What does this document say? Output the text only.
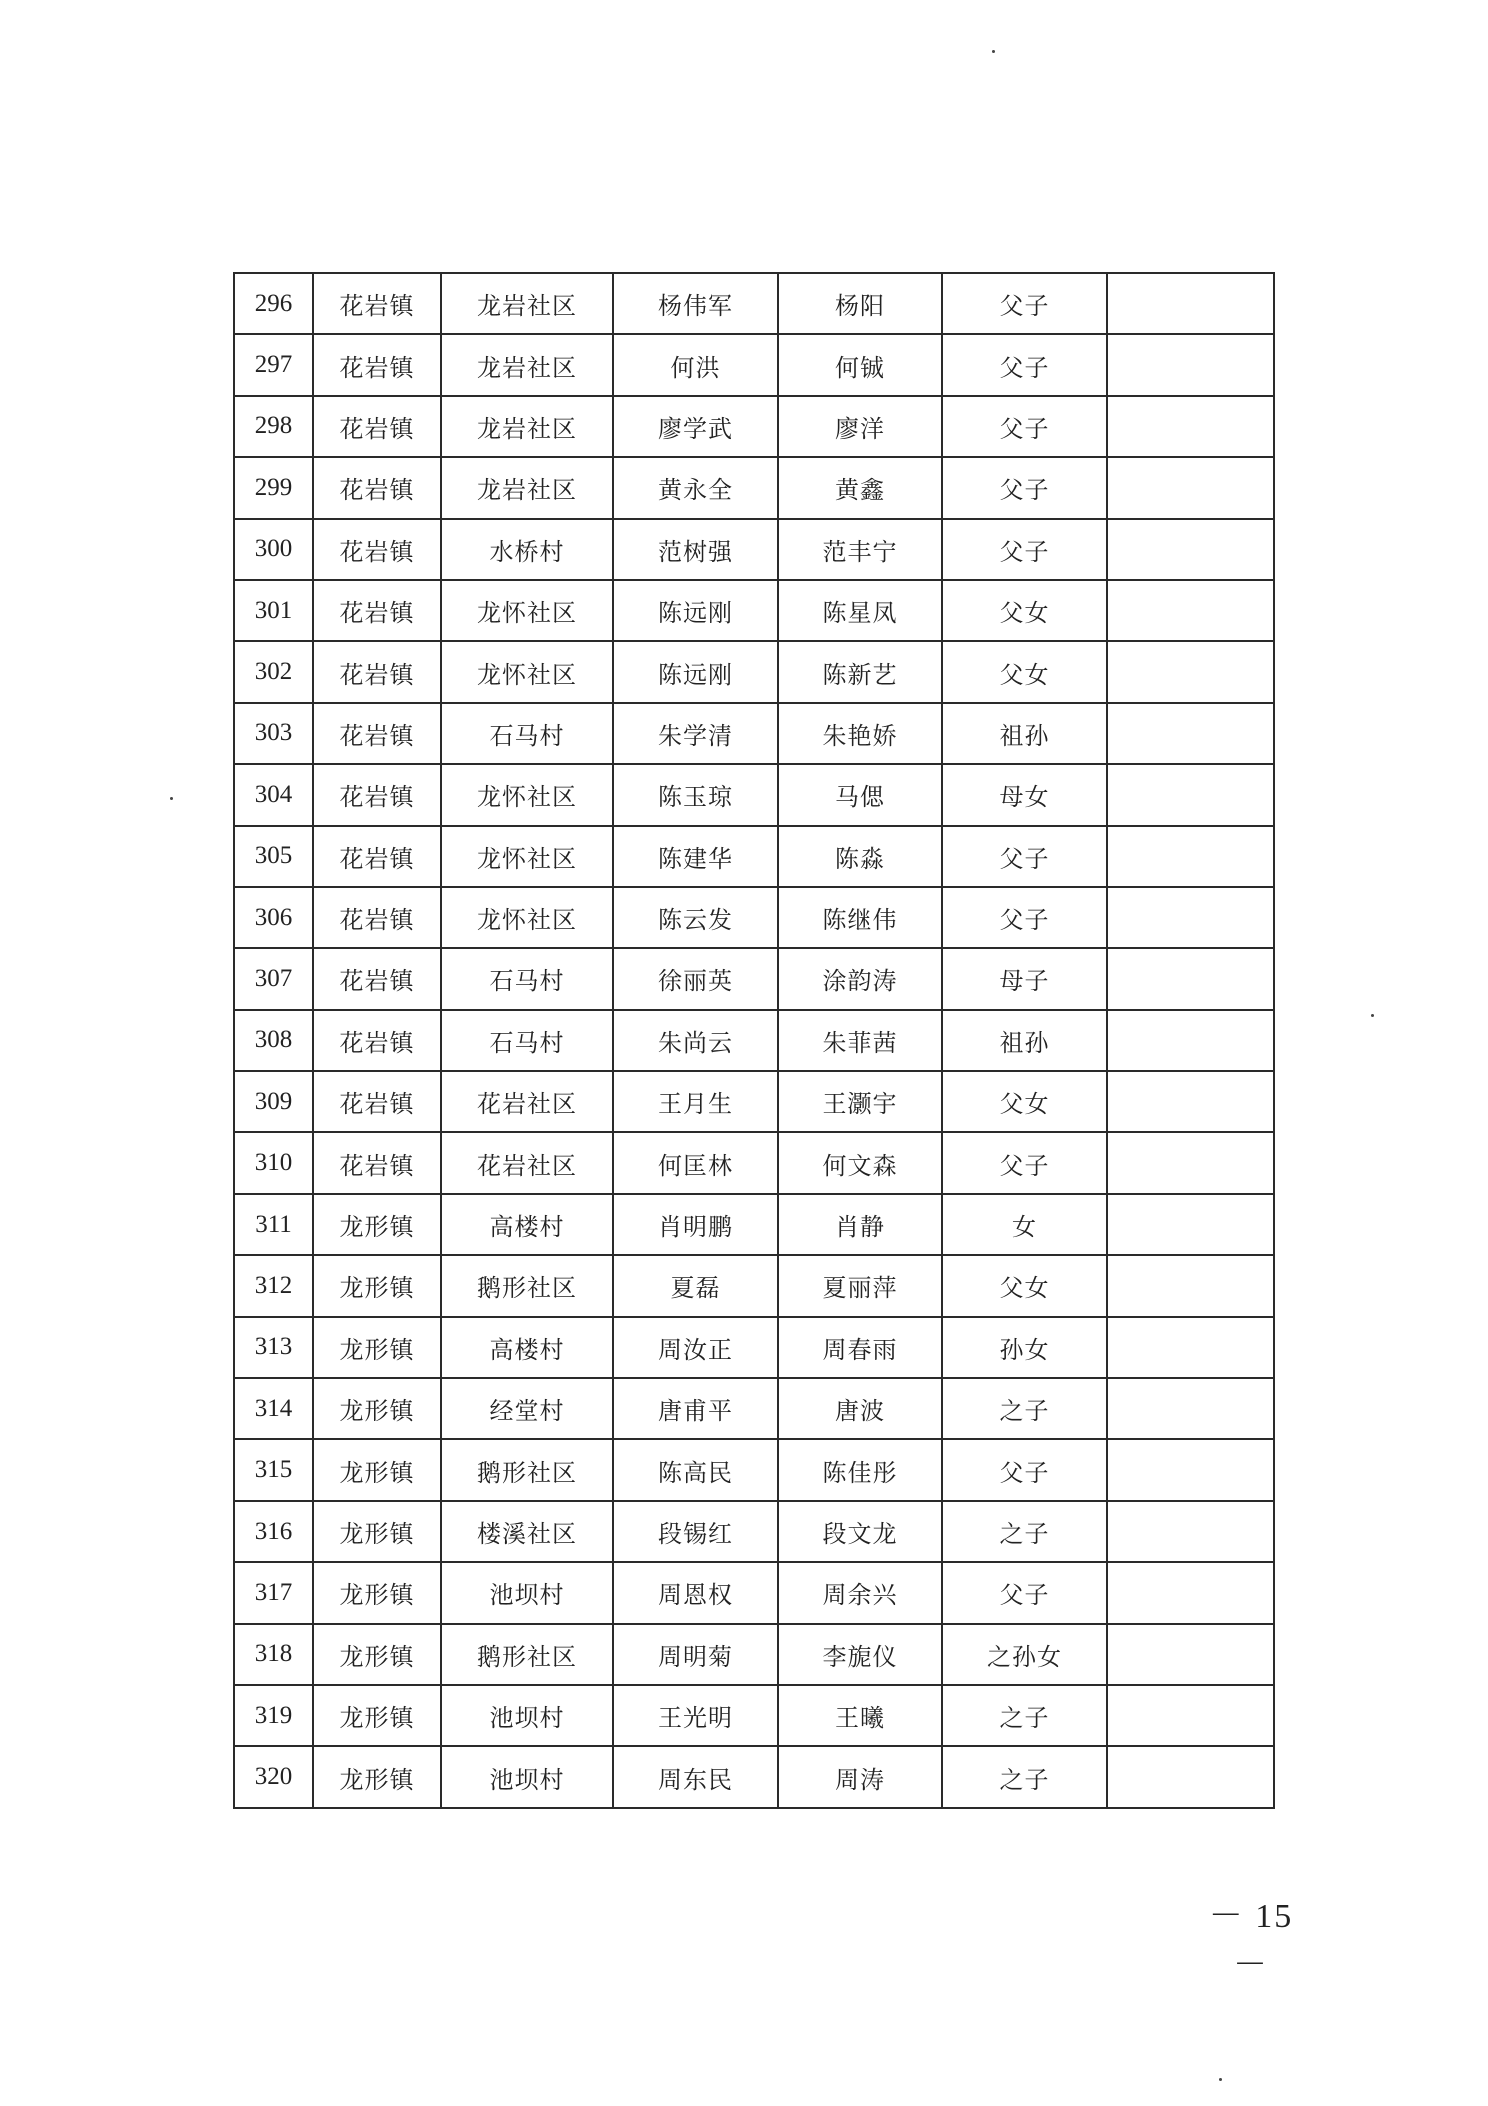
296	花岩镇	龙岩社区	杨伟军	杨阳	父子	
297	花岩镇	龙岩社区	何洪	何铖	父子	
298	花岩镇	龙岩社区	廖学武	廖洋	父子	
299	花岩镇	龙岩社区	黄永全	黄鑫	父子	
300	花岩镇	水桥村	范树强	范丰宁	父子	
301	花岩镇	龙怀社区	陈远刚	陈星凤	父女	
302	花岩镇	龙怀社区	陈远刚	陈新艺	父女	
303	花岩镇	石马村	朱学清	朱艳娇	祖孙	
304	花岩镇	龙怀社区	陈玉琼	马偲	母女	
305	花岩镇	龙怀社区	陈建华	陈淼	父子	
306	花岩镇	龙怀社区	陈云发	陈继伟	父子	
307	花岩镇	石马村	徐丽英	涂韵涛	母子	
308	花岩镇	石马村	朱尚云	朱菲茜	祖孙	
309	花岩镇	花岩社区	王月生	王灏宇	父女	
310	花岩镇	花岩社区	何匡林	何文森	父子	
311	龙形镇	高楼村	肖明鹏	肖静	女	
312	龙形镇	鹅形社区	夏磊	夏丽萍	父女	
313	龙形镇	高楼村	周汝正	周春雨	孙女	
314	龙形镇	经堂村	唐甫平	唐波	之子	
315	龙形镇	鹅形社区	陈高民	陈佳彤	父子	
316	龙形镇	楼溪社区	段锡红	段文龙	之子	
317	龙形镇	池坝村	周恩权	周余兴	父子	
318	龙形镇	鹅形社区	周明菊	李旎仪	之孙女	
319	龙形镇	池坝村	王光明	王曦	之子	
320	龙形镇	池坝村	周东民	周涛	之子	
－ 15 －
